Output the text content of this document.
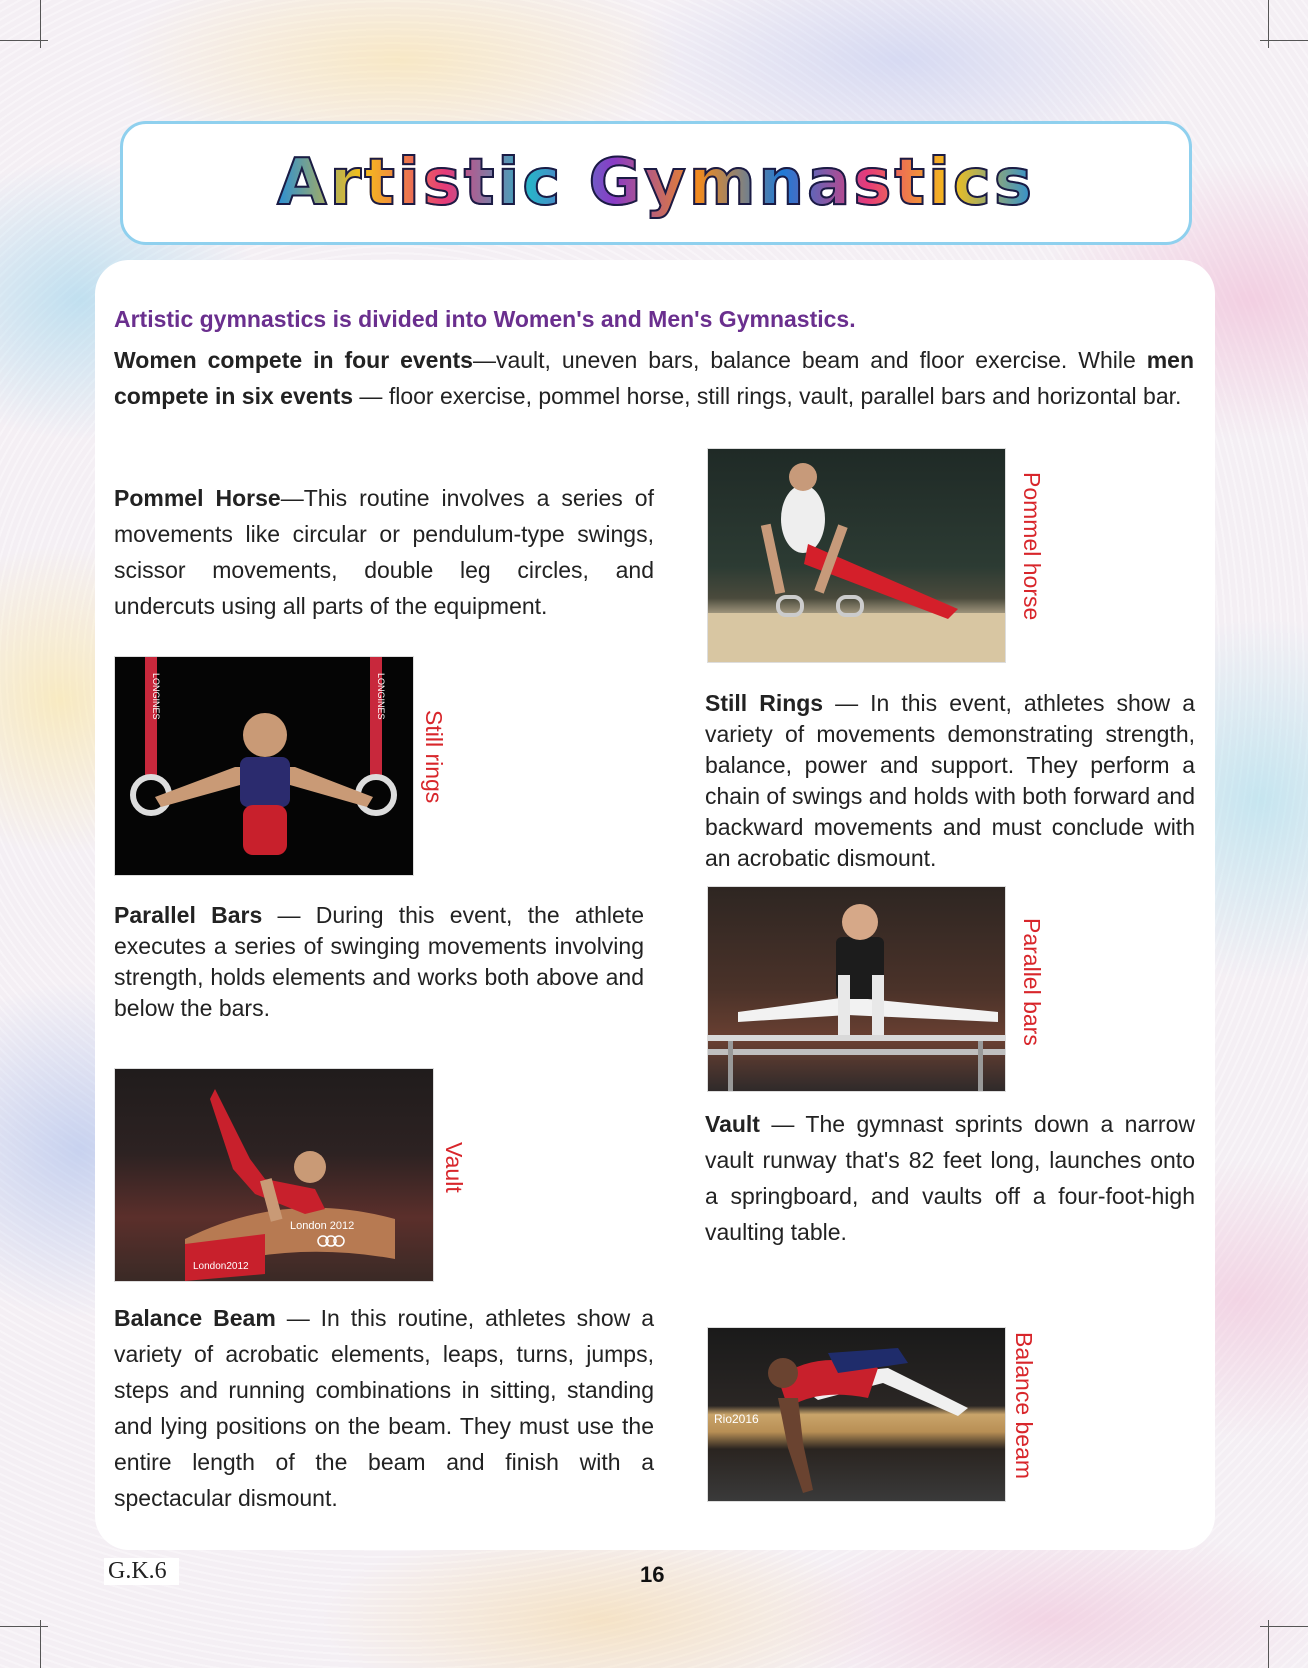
Artistic Gymnastics
Artistic gymnastics is divided into Women's and Men's Gymnastics.
Women compete in four events—vault, uneven bars, balance beam and floor exercise. While men compete in six events — floor exercise, pommel horse, still rings, vault, parallel bars and horizontal bar.
Pommel Horse—This routine involves a series of movements like circular or pendulum-type swings, scissor movements, double leg circles, and undercuts using all parts of the equipment.	Pommel horse
LONGINES	LONGINES
Still rings
Still Rings — In this event, athletes show a variety of movements demonstrating strength, balance, power and support. They perform a chain of swings and holds with both forward and backward movements and must conclude with an acrobatic dismount.
Parallel Bars — During this event, the athlete executes a series of swinging movements involving strength, holds elements and works both above and below the bars.	Parallel bars
London 2012
London2012
Vault
Vault — The gymnast sprints down a narrow vault runway that's 82 feet long, launches onto a springboard, and vaults off a four-foot-high vaulting table.
Balance Beam — In this routine, athletes show a variety of acrobatic elements, leaps, turns, jumps, steps and running combinations in sitting, standing and lying positions on the beam. They must use the entire length of the beam and finish with a spectacular dismount.
Rio2016	Balance beam
G.K.6	16
